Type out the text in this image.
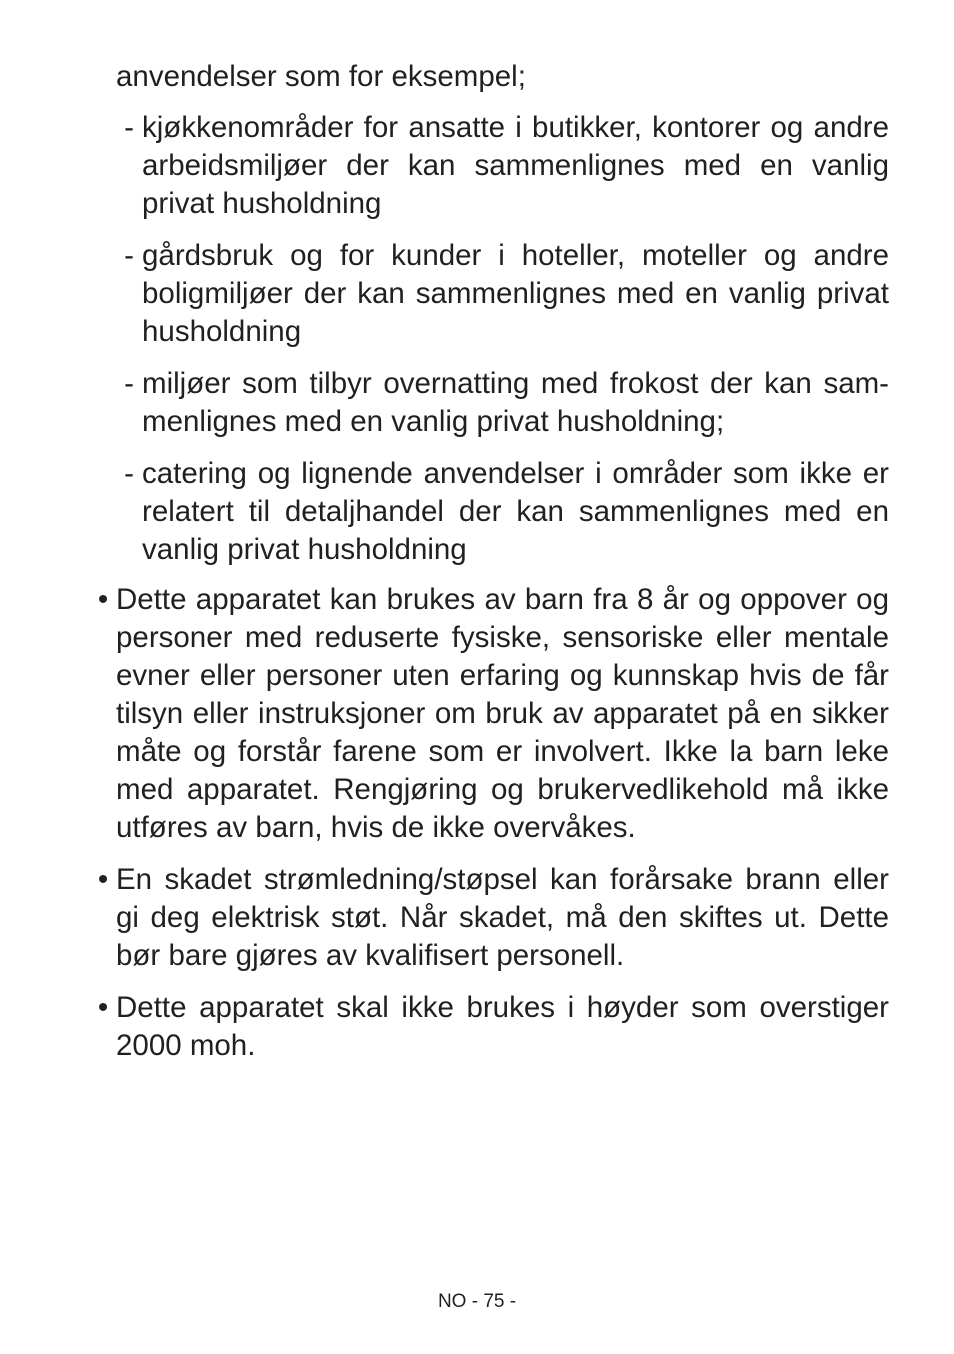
anvendelser som for eksempel;

- kjøkkenområder for ansatte i butikker, kontorer og andre arbeidsmiljøer der kan sammenlignes med en vanlig privat husholdning
- gårdsbruk og for kunder i hoteller, moteller og andre boligmiljøer der kan sammenlignes med en vanlig privat husholdning
- miljøer som tilbyr overnatting med frokost der kan sammenlignes med en vanlig privat husholdning;
- catering og lignende anvendelser i områder som ikke er relatert til detaljhandel der kan sammenlignes med en vanlig privat husholdning
• Dette apparatet kan brukes av barn fra 8 år og oppover og personer med reduserte fysiske, sensoriske eller mentale evner eller personer uten erfaring og kunnskap hvis de får tilsyn eller instruksjoner om bruk av apparatet på en sikker måte og forstår farene som er involvert. Ikke la barn leke med apparatet. Rengjøring og brukervedlikehold må ikke utføres av barn, hvis de ikke overvåkes.
• En skadet strømledning/støpsel kan forårsake brann eller gi deg elektrisk støt. Når skadet, må den skiftes ut. Dette bør bare gjøres av kvalifisert personell.
• Dette apparatet skal ikke brukes i høyder som overstiger 2000 moh.
NO - 75 -
